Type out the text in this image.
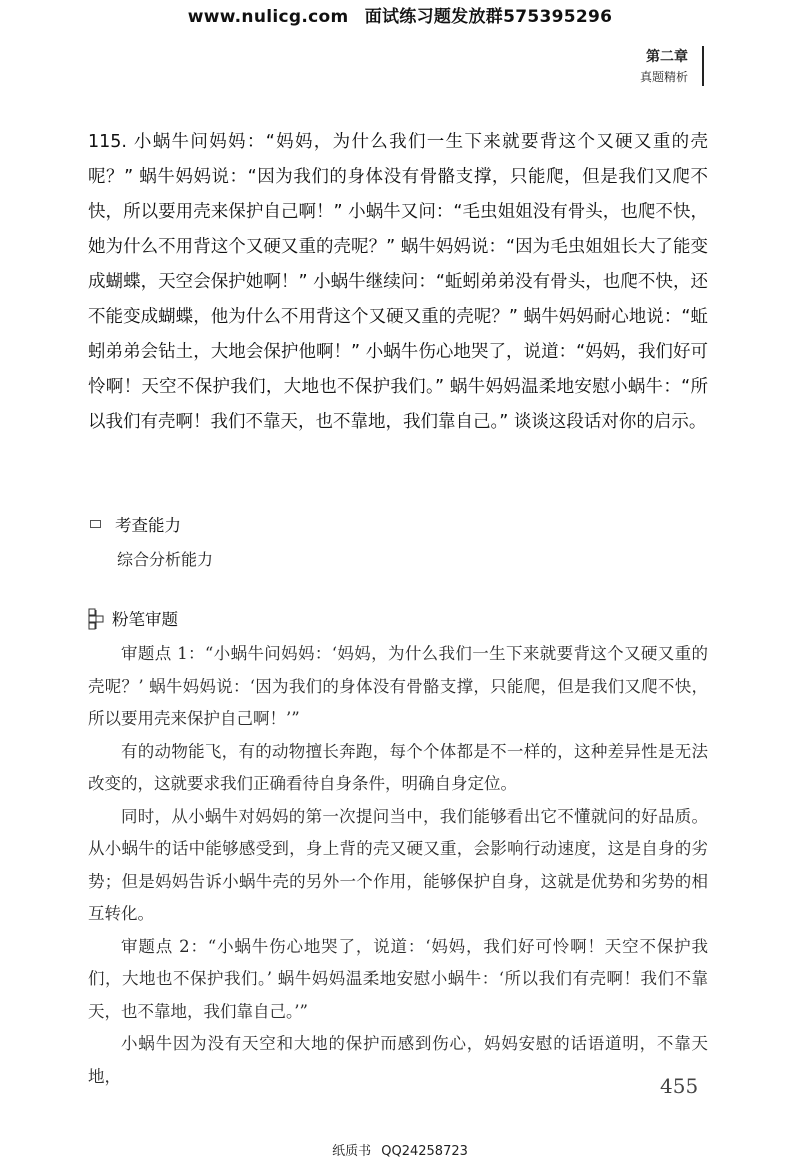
www.nulicg.com 面试练习题发放群575395296
第二章
真题精析
115. 小蜗牛问妈妈：“妈妈，为什么我们一生下来就要背这个又硬又重的壳呢？” 蜗牛妈妈说：“因为我们的身体没有骨骼支撑，只能爬，但是我们又爬不快，所以要用壳来保护自己啊！” 小蜗牛又问：“毛虫姐姐没有骨头，也爬不快，她为什么不用背这个又硬又重的壳呢？” 蜗牛妈妈说：“因为毛虫姐姐长大了能变成蝴蝶，天空会保护她啊！” 小蜗牛继续问：“蚯蚓弟弟没有骨头，也爬不快，还不能变成蝴蝶，他为什么不用背这个又硬又重的壳呢？” 蜗牛妈妈耐心地说：“蚯蚓弟弟会钻土，大地会保护他啊！” 小蜗牛伤心地哭了，说道：“妈妈，我们好可怜啊！天空不保护我们，大地也不保护我们。” 蜗牛妈妈温柔地安慰小蜗牛：“所以我们有壳啊！我们不靠天，也不靠地，我们靠自己。” 谈谈这段话对你的启示。
考查能力
综合分析能力
粉笔审题

审题点 1：“小蜗牛问妈妈：‘妈妈，为什么我们一生下来就要背这个又硬又重的壳呢？’ 蜗牛妈妈说：‘因为我们的身体没有骨骼支撑，只能爬，但是我们又爬不快，所以要用壳来保护自己啊！’”

有的动物能飞，有的动物擅长奔跑，每个个体都是不一样的，这种差异性是无法改变的，这就要求我们正确看待自身条件，明确自身定位。

同时，从小蜗牛对妈妈的第一次提问当中，我们能够看出它不懂就问的好品质。从小蜗牛的话中能够感受到，身上背的壳又硬又重，会影响行动速度，这是自身的劣势；但是妈妈告诉小蜗牛壳的另外一个作用，能够保护自身，这就是优势和劣势的相互转化。

审题点 2：“小蜗牛伤心地哭了，说道：‘妈妈，我们好可怜啊！天空不保护我们，大地也不保护我们。’ 蜗牛妈妈温柔地安慰小蜗牛：‘所以我们有壳啊！我们不靠天，也不靠地，我们靠自己。’”

小蜗牛因为没有天空和大地的保护而感到伤心，妈妈安慰的话语道明，不靠天地，	455
纸质书 QQ24258723
